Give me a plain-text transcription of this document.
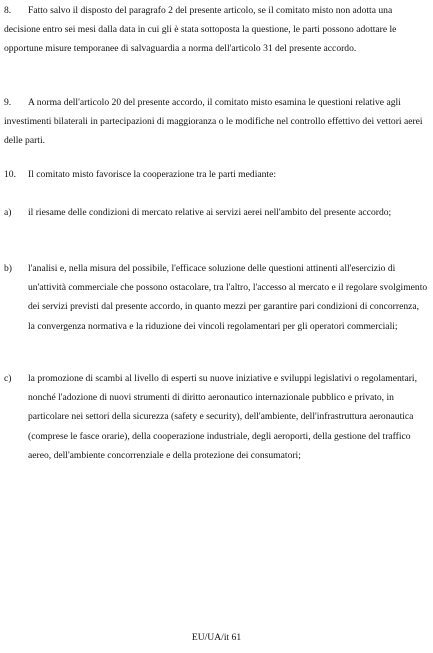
8.	Fatto salvo il disposto del paragrafo 2 del presente articolo, se il comitato misto non adotta una decisione entro sei mesi dalla data in cui gli è stata sottoposta la questione, le parti possono adottare le opportune misure temporanee di salvaguardia a norma dell'articolo 31 del presente accordo.

9.	A norma dell'articolo 20 del presente accordo, il comitato misto esamina le questioni relative agli investimenti bilaterali in partecipazioni di maggioranza o le modifiche nel controllo effettivo dei vettori aerei delle parti.

10.	Il comitato misto favorisce la cooperazione tra le parti mediante:

a)	il riesame delle condizioni di mercato relative ai servizi aerei nell'ambito del presente accordo;

b)	l'analisi e, nella misura del possibile, l'efficace soluzione delle questioni attinenti all'esercizio di un'attività commerciale che possono ostacolare, tra l'altro, l'accesso al mercato e il regolare svolgimento dei servizi previsti dal presente accordo, in quanto mezzi per garantire pari condizioni di concorrenza, la convergenza normativa e la riduzione dei vincoli regolamentari per gli operatori commerciali;

c)	la promozione di scambi al livello di esperti su nuove iniziative e sviluppi legislativi o regolamentari, nonché l'adozione di nuovi strumenti di diritto aeronautico internazionale pubblico e privato, in particolare nei settori della sicurezza (safety e security), dell'ambiente, dell'infrastruttura aeronautica (comprese le fasce orarie), della cooperazione industriale, degli aeroporti, della gestione del traffico aereo, dell'ambiente concorrenziale e della protezione dei consumatori;

EU/UA/it 61
